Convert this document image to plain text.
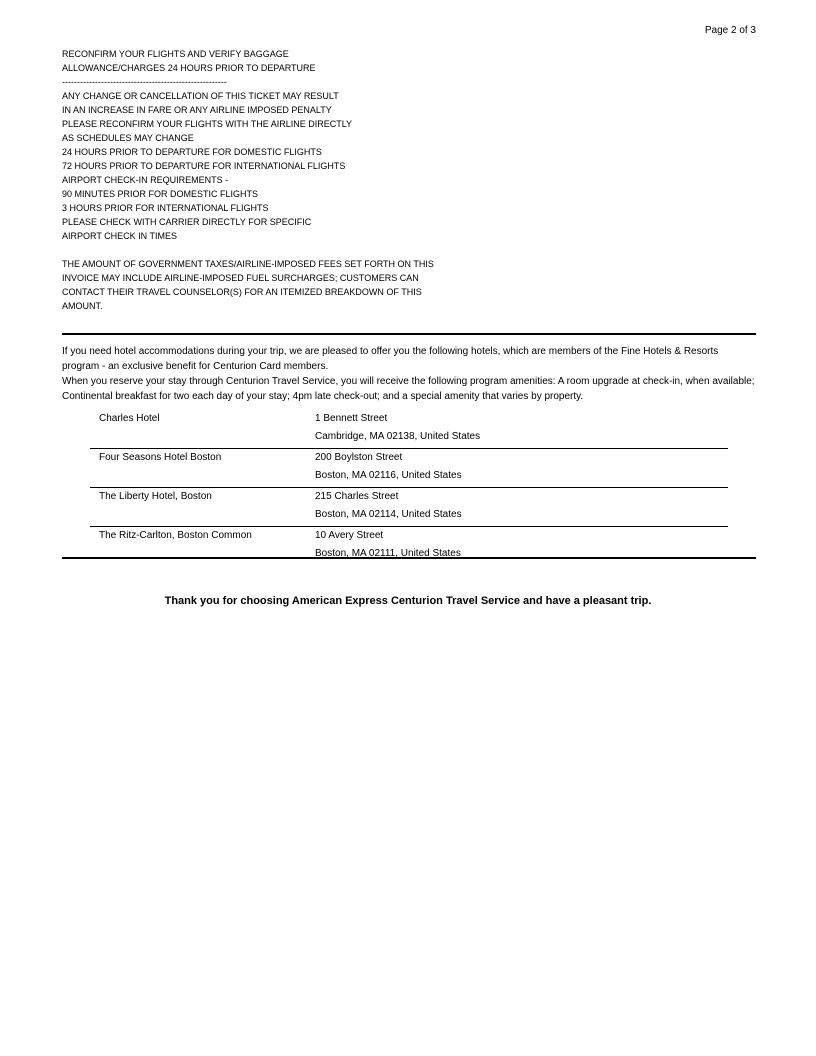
Page 2 of 3
RECONFIRM YOUR FLIGHTS AND VERIFY BAGGAGE
ALLOWANCE/CHARGES 24 HOURS PRIOR TO DEPARTURE
-------------------------------------------------------
ANY CHANGE OR CANCELLATION OF THIS TICKET MAY RESULT
IN AN INCREASE IN FARE OR ANY AIRLINE IMPOSED PENALTY
PLEASE RECONFIRM YOUR FLIGHTS WITH THE AIRLINE DIRECTLY
AS SCHEDULES MAY CHANGE
24 HOURS PRIOR TO DEPARTURE FOR DOMESTIC FLIGHTS
72 HOURS PRIOR TO DEPARTURE FOR INTERNATIONAL FLIGHTS
AIRPORT CHECK-IN REQUIREMENTS -
90 MINUTES PRIOR FOR DOMESTIC FLIGHTS
3 HOURS PRIOR FOR INTERNATIONAL FLIGHTS
PLEASE CHECK WITH CARRIER DIRECTLY FOR SPECIFIC
AIRPORT CHECK IN TIMES
THE AMOUNT OF GOVERNMENT TAXES/AIRLINE-IMPOSED FEES SET FORTH ON THIS
INVOICE MAY INCLUDE AIRLINE-IMPOSED FUEL SURCHARGES; CUSTOMERS CAN
CONTACT THEIR TRAVEL COUNSELOR(S) FOR AN ITEMIZED BREAKDOWN OF THIS
AMOUNT.
If you need hotel accommodations during your trip, we are pleased to offer you the following hotels, which are members of the Fine Hotels & Resorts program - an exclusive benefit for Centurion Card members.
When you reserve your stay through Centurion Travel Service, you will receive the following program amenities: A room upgrade at check-in, when available; Continental breakfast for two each day of your stay; 4pm late check-out; and a special amenity that varies by property.
Charles Hotel	1 Bennett Street
	Cambridge, MA 02138, United States
Four Seasons Hotel Boston	200 Boylston Street
	Boston, MA 02116, United States
The Liberty Hotel, Boston	215 Charles Street
	Boston, MA 02114, United States
The Ritz-Carlton, Boston Common	10 Avery Street
	Boston, MA 02111, United States
Thank you for choosing American Express Centurion Travel Service and have a pleasant trip.
